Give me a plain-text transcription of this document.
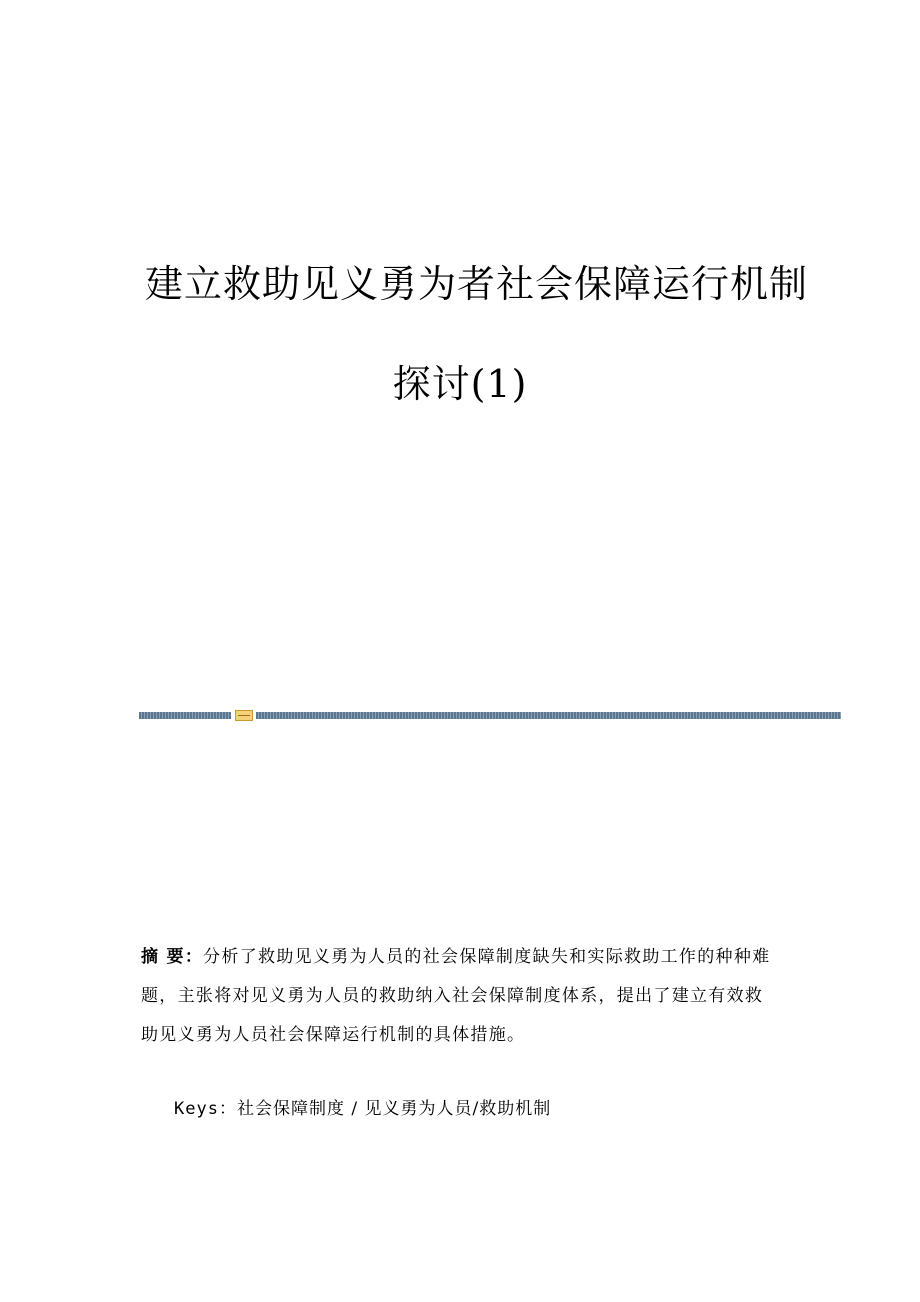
建立救助见义勇为者社会保障运行机制
探讨(1)
摘 要：分析了救助见义勇为人员的社会保障制度缺失和实际救助工作的种种难题，主张将对见义勇为人员的救助纳入社会保障制度体系，提出了建立有效救助见义勇为人员社会保障运行机制的具体措施。
Keys：社会保障制度 / 见义勇为人员/救助机制
